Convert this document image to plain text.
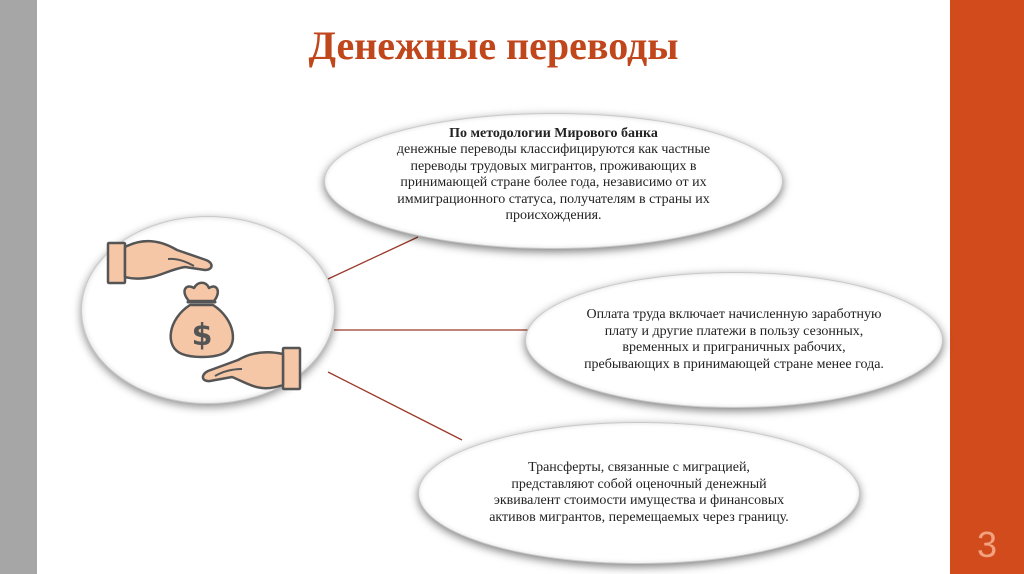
3
Денежные переводы
$
По методологии Мирового банка
денежные переводы классифицируются как частные переводы трудовых мигрантов, проживающих в принимающей стране более года, независимо от их иммиграционного статуса, получателям в страны их происхождения.
Оплата труда включает начисленную заработную плату и другие платежи в пользу сезонных, временных и приграничных рабочих, пребывающих в принимающей стране менее года.
Трансферты, связанные с миграцией, представляют собой оценочный денежный эквивалент стоимости имущества и финансовых активов мигрантов, перемещаемых через границу.
